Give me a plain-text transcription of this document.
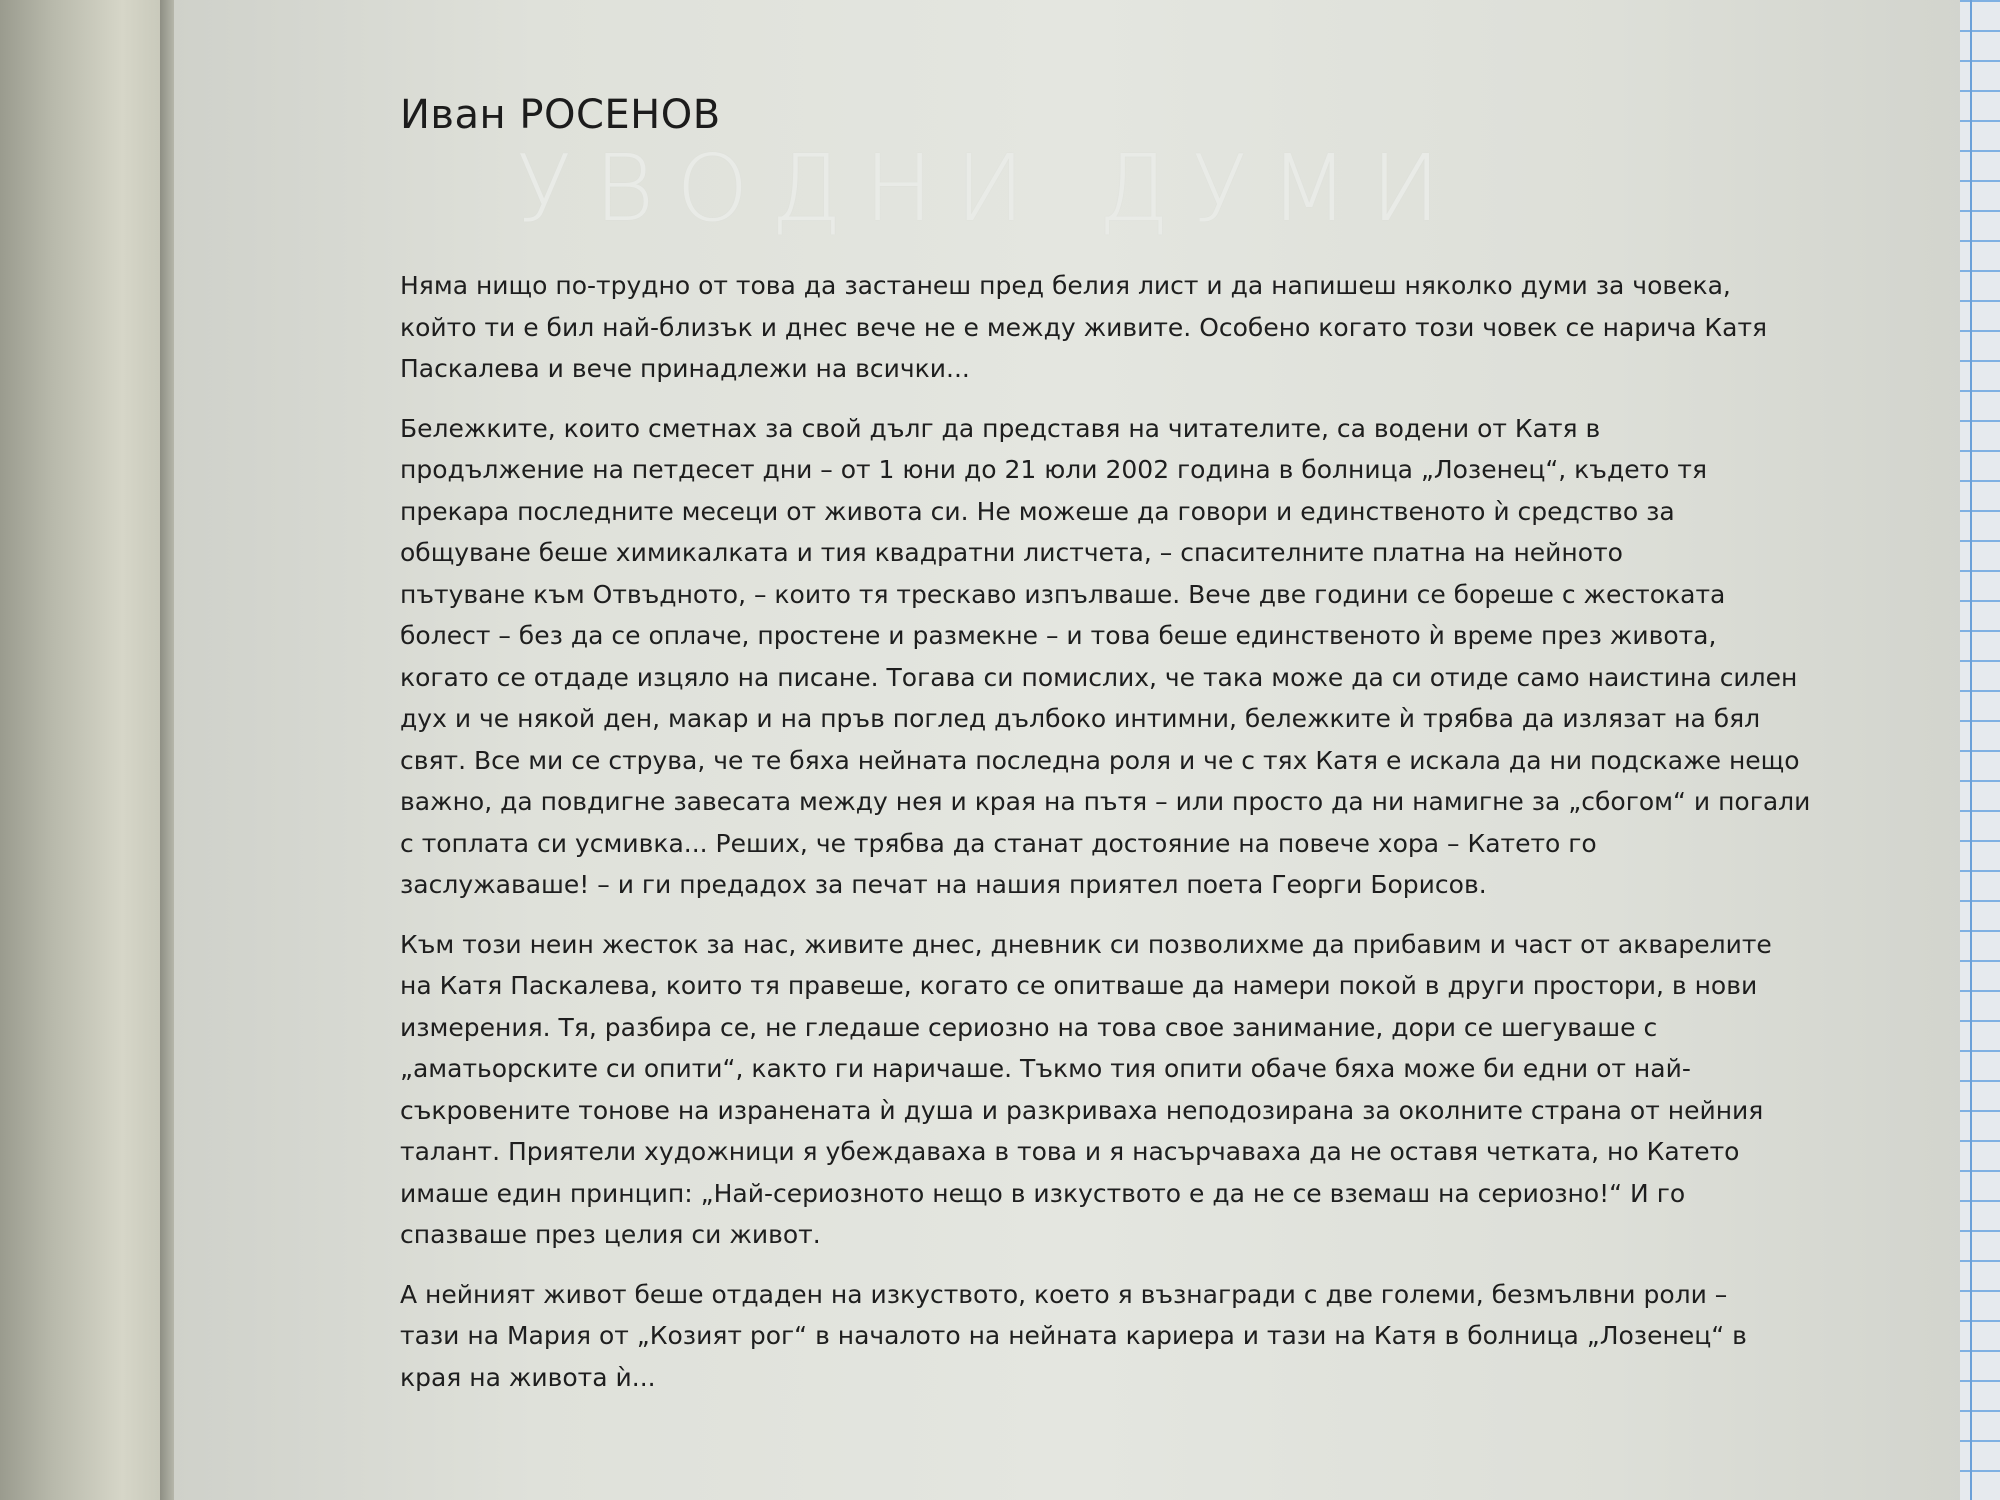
Иван РОСЕНОВ
УВОДНИ ДУМИ

Няма нищо по-трудно от това да застанеш пред белия лист и да напишеш няколко думи за човека,
който ти е бил най-близък и днес вече не е между живите. Особено когато този човек се нарича Катя
Паскалева и вече принадлежи на всички...

Бележките, които сметнах за свой дълг да представя на читателите, са водени от Катя в
продължение на петдесет дни – от 1 юни до 21 юли 2002 година в болница „Лозенец“, където тя
прекара последните месеци от живота си. Не можеше да говори и единственото ѝ средство за
общуване беше химикалката и тия квадратни листчета, – спасителните платна на нейното
пътуване към Отвъдното, – които тя трескаво изпълваше. Вече две години се бореше с жестоката
болест – без да се оплаче, простене и размекне – и това беше единственото ѝ време през живота,
когато се отдаде изцяло на писане. Тогава си помислих, че така може да си отиде само наистина силен
дух и че някой ден, макар и на пръв поглед дълбоко интимни, бележките ѝ трябва да излязат на бял
свят. Все ми се струва, че те бяха нейната последна роля и че с тях Катя е искала да ни подскаже нещо
важно, да повдигне завесата между нея и края на пътя – или просто да ни намигне за „сбогом“ и погали
с топлата си усмивка... Реших, че трябва да станат достояние на повече хора – Катето го
заслужаваше! – и ги предадох за печат на нашия приятел поета Георги Борисов.

Към този неин жесток за нас, живите днес, дневник си позволихме да прибавим и част от акварелите
на Катя Паскалева, които тя правеше, когато се опитваше да намери покой в други простори, в нови
измерения. Тя, разбира се, не гледаше сериозно на това свое занимание, дори се шегуваше с
„аматьорските си опити“, както ги наричаше. Тъкмо тия опити обаче бяха може би едни от най-
съкровените тонове на изранената ѝ душа и разкриваха неподозирана за околните страна от нейния
талант. Приятели художници я убеждаваха в това и я насърчаваха да не оставя четката, но Катето
имаше един принцип: „Най-сериозното нещо в изкуството е да не се вземаш на сериозно!“ И го
спазваше през целия си живот.

А нейният живот беше отдаден на изкуството, което я възнагради с две големи, безмълвни роли –
тази на Мария от „Козият рог“ в началото на нейната кариера и тази на Катя в болница „Лозенец“ в
края на живота ѝ...
